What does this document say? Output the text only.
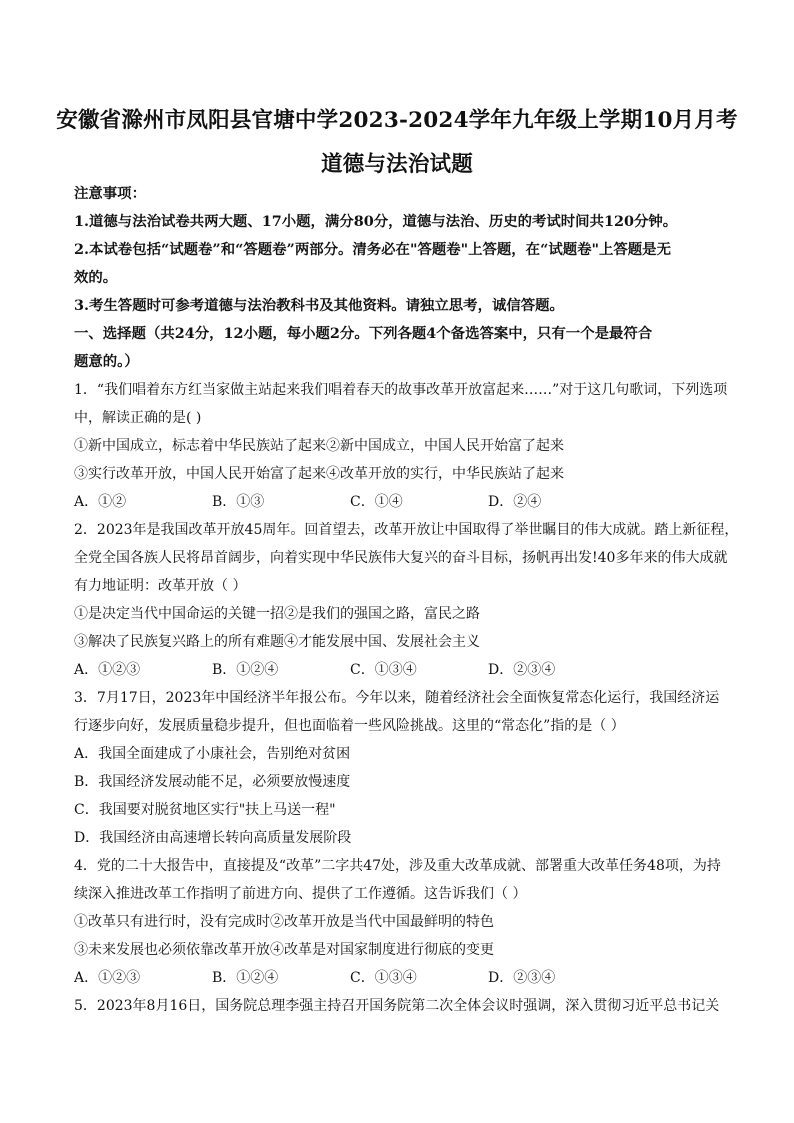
安徽省滁州市凤阳县官塘中学2023-2024学年九年级上学期10月月考
道德与法治试题
注意事项：
1.道德与法治试卷共两大题、17小题，满分80分，道德与法治、历史的考试时间共120分钟。
2.本试卷包括“试题卷”和“答题卷”两部分。清务必在"答题卷"上答题，在“试题卷"上答题是无
效的。
3.考生答题时可参考道德与法治教科书及其他资料。请独立思考，诚信答题。
一、选择题（共24分，12小题，每小题2分。下列各题4个备选答案中，只有一个是最符合
题意的。）
1．“我们唱着东方红当家做主站起来我们唱着春天的故事改革开放富起来……”对于这几句歌词，下列选项
中，解读正确的是( )
①新中国成立，标志着中华民族站了起来②新中国成立，中国人民开始富了起来
③实行改革开放，中国人民开始富了起来④改革开放的实行，中华民族站了起来
A．①②	B．①③	C．①④	D．②④
2．2023年是我国改革开放45周年。回首望去，改革开放让中国取得了举世瞩目的伟大成就。踏上新征程，
全党全国各族人民将昂首阔步，向着实现中华民族伟大复兴的奋斗目标，扬帆再出发!40多年来的伟大成就
有力地证明：改革开放（ ）
①是决定当代中国命运的关键一招②是我们的强国之路，富民之路
③解决了民族复兴路上的所有难题④才能发展中国、发展社会主义
A．①②③	B．①②④	C．①③④	D．②③④
3．7月17日，2023年中国经济半年报公布。今年以来，随着经济社会全面恢复常态化运行，我国经济运
行逐步向好，发展质量稳步提升，但也面临着一些风险挑战。这里的“常态化”指的是（ ）
A．我国全面建成了小康社会，告别绝对贫困
B．我国经济发展动能不足，必须要放慢速度
C．我国要对脱贫地区实行"扶上马送一程"
D．我国经济由高速增长转向高质量发展阶段
4．党的二十大报告中，直接提及“改革”二字共47处，涉及重大改革成就、部署重大改革任务48项，为持
续深入推进改革工作指明了前进方向、提供了工作遵循。这告诉我们（ ）
①改革只有进行时，没有完成时②改革开放是当代中国最鲜明的特色
③未来发展也必须依靠改革开放④改革是对国家制度进行彻底的变更
A．①②③	B．①②④	C．①③④	D．②③④
5．2023年8月16日，国务院总理李强主持召开国务院第二次全体会议时强调，深入贯彻习近平总书记关
